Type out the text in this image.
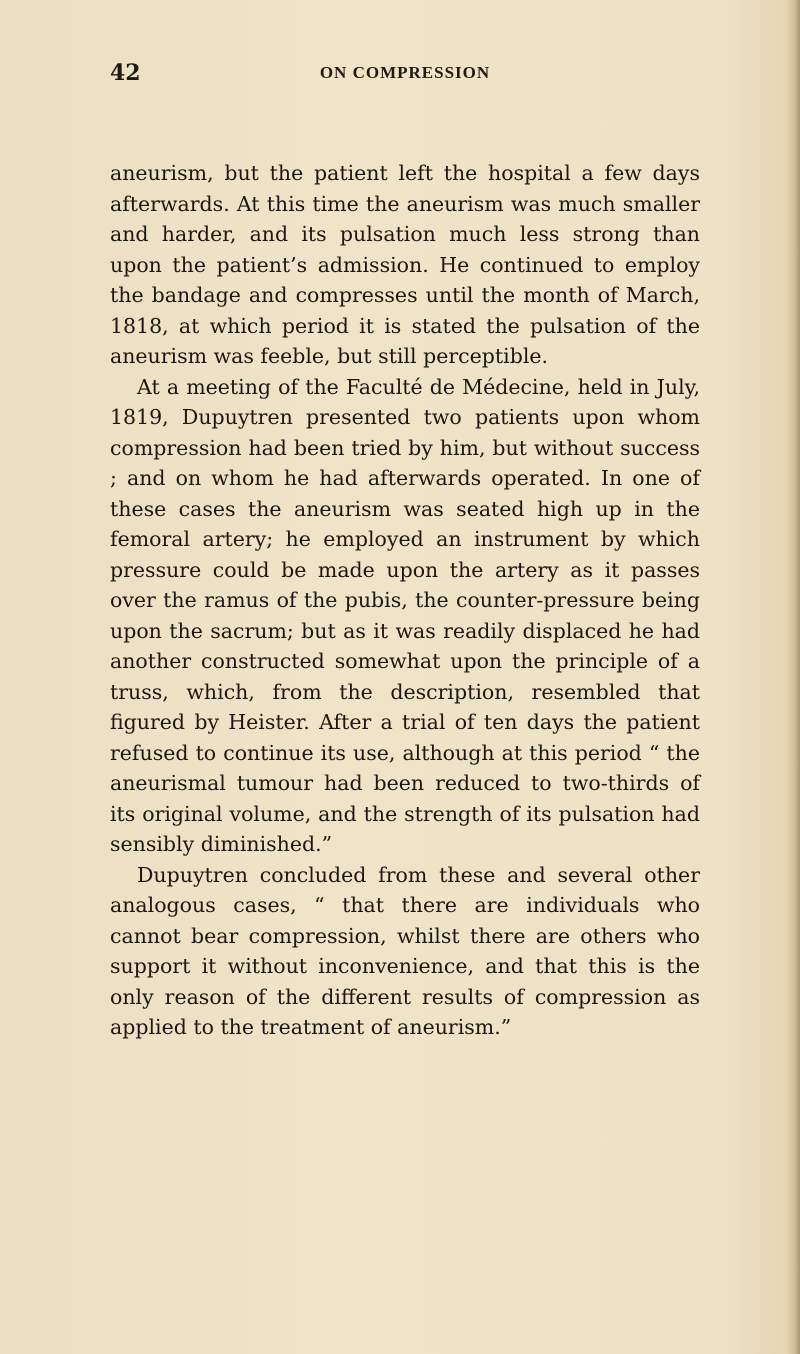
42	ON COMPRESSION

aneurism, but the patient left the hospital a few days afterwards. At this time the aneurism was much smaller and harder, and its pulsation much less strong than upon the patient’s admission. He continued to employ the bandage and compresses until the month of March, 1818, at which period it is stated the pulsation of the aneurism was feeble, but still perceptible.

At a meeting of the Faculté de Médecine, held in July, 1819, Dupuytren presented two patients upon whom compression had been tried by him, but without success ; and on whom he had afterwards operated. In one of these cases the aneurism was seated high up in the femoral artery; he employed an instrument by which pressure could be made upon the artery as it passes over the ramus of the pubis, the counter-pressure being upon the sacrum; but as it was readily displaced he had another constructed somewhat upon the principle of a truss, which, from the description, resembled that figured by Heister. After a trial of ten days the patient refused to continue its use, although at this period “ the aneurismal tumour had been reduced to two-thirds of its original volume, and the strength of its pulsation had sensibly diminished.”

Dupuytren concluded from these and several other analogous cases, “ that there are individuals who cannot bear compression, whilst there are others who support it without inconvenience, and that this is the only reason of the different results of compression as applied to the treatment of aneurism.”
